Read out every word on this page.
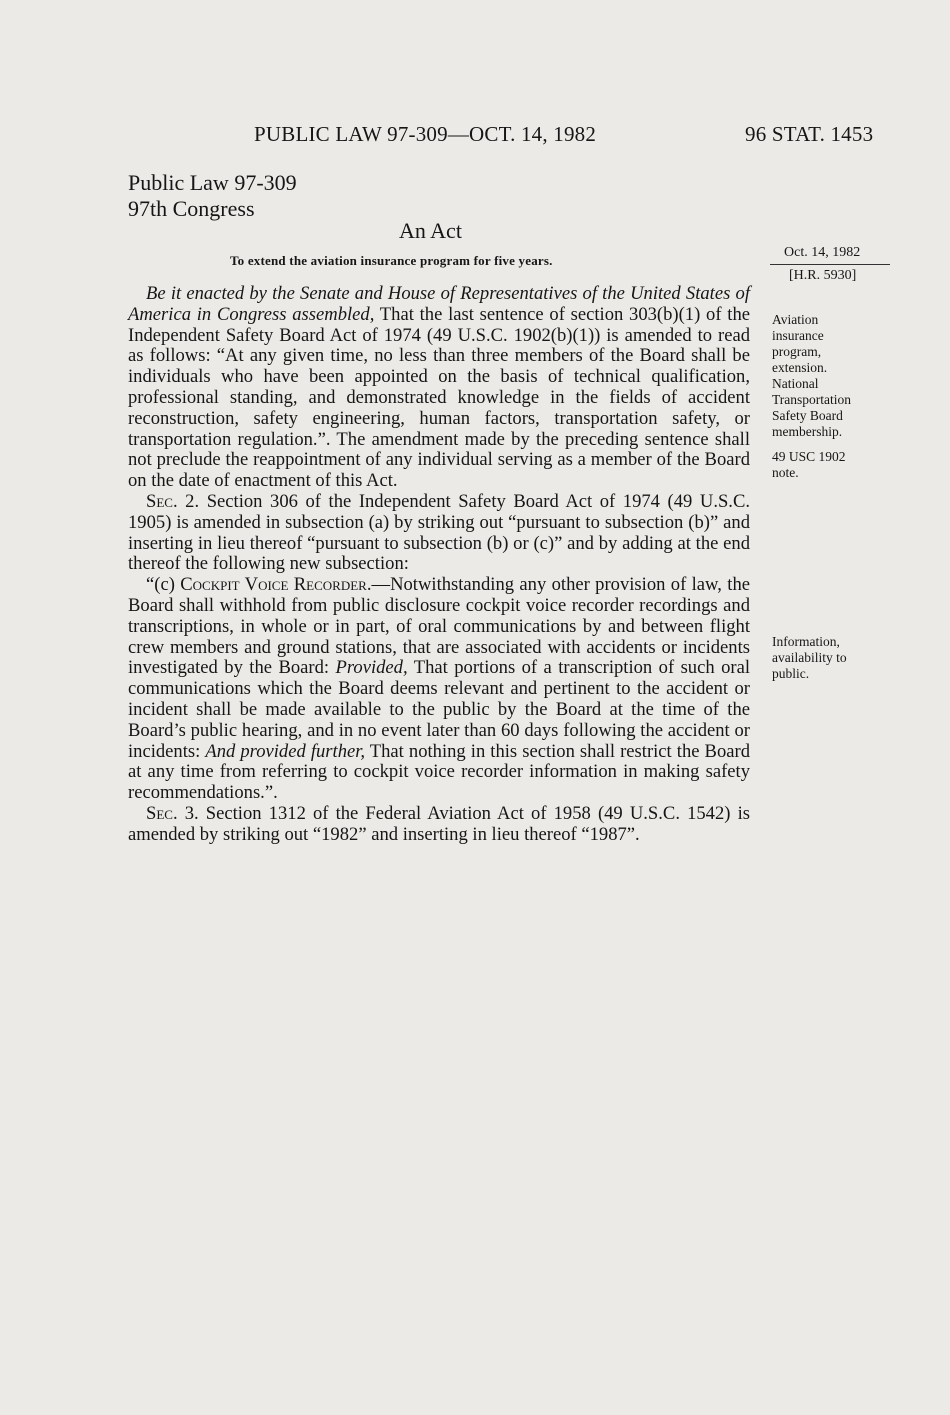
PUBLIC LAW 97-309—OCT. 14, 1982	96 STAT. 1453
Public Law 97-309
97th Congress
An Act
To extend the aviation insurance program for five years.
Oct. 14, 1982
[H.R. 5930]
Aviation
insurance
program,
extension.
National
Transportation
Safety Board
membership.
49 USC 1902
note.
Information,
availability to
public.

Be it enacted by the Senate and House of Representatives of the United States of America in Congress assembled, That the last sentence of section 303(b)(1) of the Independent Safety Board Act of 1974 (49 U.S.C. 1902(b)(1)) is amended to read as follows: “At any given time, no less than three members of the Board shall be individuals who have been appointed on the basis of technical qualification, professional standing, and demonstrated knowledge in the fields of accident reconstruction, safety engineering, human factors, transportation safety, or transportation regulation.”. The amendment made by the preceding sentence shall not preclude the reappointment of any individual serving as a member of the Board on the date of enactment of this Act.

Sec. 2. Section 306 of the Independent Safety Board Act of 1974 (49 U.S.C. 1905) is amended in subsection (a) by striking out “pursuant to subsection (b)” and inserting in lieu thereof “pursuant to subsection (b) or (c)” and by adding at the end thereof the following new subsection:

“(c) Cockpit Voice Recorder.—Notwithstanding any other provision of law, the Board shall withhold from public disclosure cockpit voice recorder recordings and transcriptions, in whole or in part, of oral communications by and between flight crew members and ground stations, that are associated with accidents or incidents investigated by the Board: Provided, That portions of a transcription of such oral communications which the Board deems relevant and pertinent to the accident or incident shall be made available to the public by the Board at the time of the Board’s public hearing, and in no event later than 60 days following the accident or incidents: And provided further, That nothing in this section shall restrict the Board at any time from referring to cockpit voice recorder information in making safety recommendations.”.

Sec. 3. Section 1312 of the Federal Aviation Act of 1958 (49 U.S.C. 1542) is amended by striking out “1982” and inserting in lieu thereof “1987”.
